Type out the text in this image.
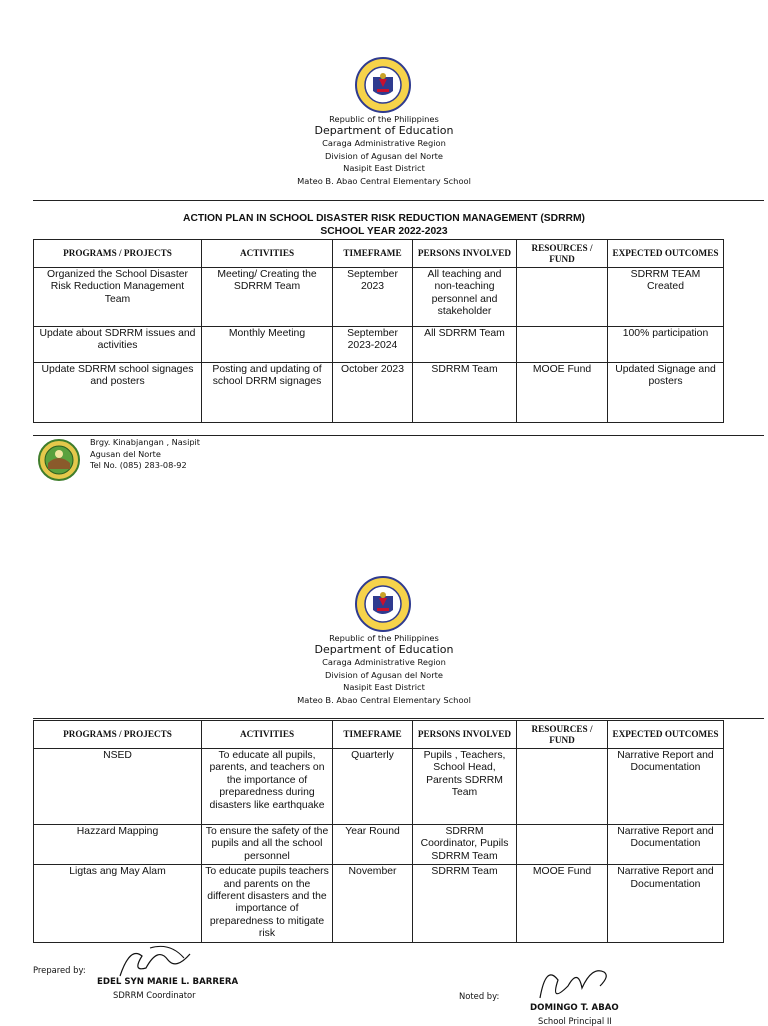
Republic of the Philippines
Department of Education
Caraga Administrative Region
Division of Agusan del Norte
Nasipit East District
Mateo B. Abao Central Elementary School
ACTION PLAN IN SCHOOL DISASTER RISK REDUCTION MANAGEMENT (SDRRM)
SCHOOL YEAR 2022-2023
PROGRAMS / PROJECTS	ACTIVITIES	TIMEFRAME	PERSONS INVOLVED	RESOURCES / FUND	EXPECTED OUTCOMES
Organized the School Disaster Risk Reduction Management Team	Meeting/ Creating the SDRRM Team	September 2023	All teaching and non-teaching personnel and stakeholder		SDRRM TEAM Created
Update about SDRRM issues and activities	Monthly Meeting	September 2023-2024	All SDRRM Team		100% participation
Update SDRRM school signages and posters	Posting and updating of school DRRM signages	October 2023	SDRRM Team	MOOE Fund	Updated Signage and posters
Brgy. Kinabjangan , Nasipit
Agusan del Norte
Tel No. (085) 283-08-92
Republic of the Philippines
Department of Education
Caraga Administrative Region
Division of Agusan del Norte
Nasipit East District
Mateo B. Abao Central Elementary School
PROGRAMS / PROJECTS	ACTIVITIES	TIMEFRAME	PERSONS INVOLVED	RESOURCES / FUND	EXPECTED OUTCOMES
NSED	To educate all pupils, parents, and teachers on the importance of preparedness during disasters like earthquake	Quarterly	Pupils , Teachers, School Head, Parents SDRRM Team		Narrative Report and Documentation
Hazzard Mapping	To ensure the safety of the pupils and all the school personnel	Year Round	SDRRM Coordinator, Pupils SDRRM Team		Narrative Report and Documentation
Ligtas ang May Alam	To educate pupils teachers and parents on the different disasters and the importance of preparedness to mitigate risk	November	SDRRM Team	MOOE Fund	Narrative Report and Documentation
Prepared by:
EDEL SYN MARIE L. BARRERA
SDRRM Coordinator	Noted by:
DOMINGO T. ABAO
School Principal II
